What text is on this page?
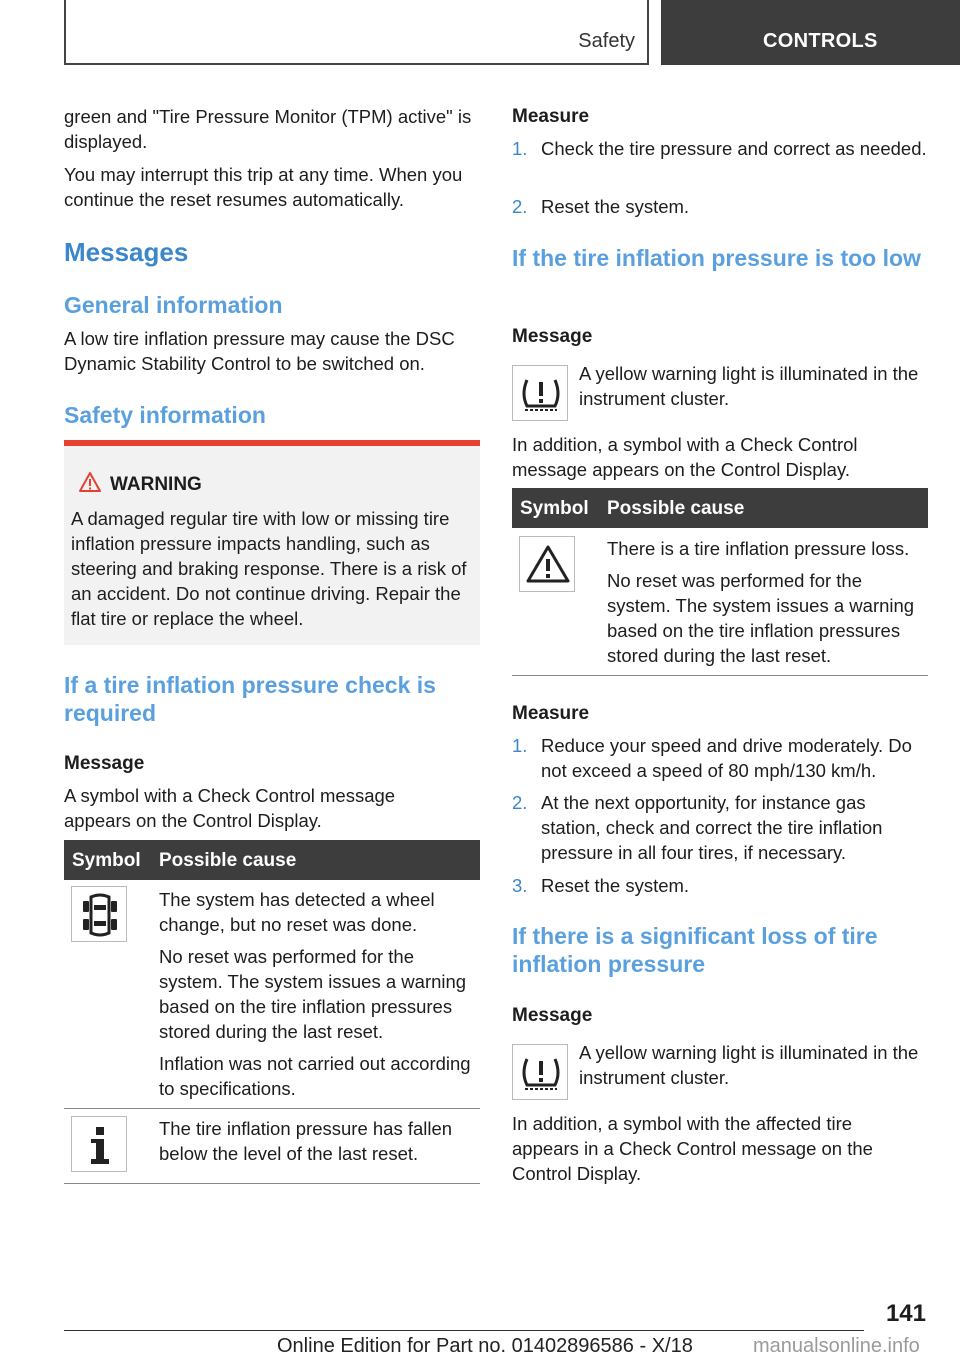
Safety	CONTROLS
green and "Tire Pressure Monitor (TPM) active" is displayed.
You may interrupt this trip at any time. When you continue the reset resumes automatically.
Messages
General information
A low tire inflation pressure may cause the DSC Dynamic Stability Control to be switched on.
Safety information
WARNING
A damaged regular tire with low or missing tire inflation pressure impacts handling, such as steering and braking response. There is a risk of an accident. Do not continue driving. Repair the flat tire or replace the wheel.
If a tire inflation pressure check is required
Message
A symbol with a Check Control message appears on the Control Display.
Symbol Possible cause
The system has detected a wheel change, but no reset was done.
No reset was performed for the system. The system issues a warning based on the tire inflation pressures stored during the last reset.
Inflation was not carried out according to specifications.
The tire inflation pressure has fallen below the level of the last reset.
Measure
1. Check the tire pressure and correct as needed.
2. Reset the system.
If the tire inflation pressure is too low
Message
A yellow warning light is illuminated in the instrument cluster.
In addition, a symbol with a Check Control message appears on the Control Display.
Symbol Possible cause
There is a tire inflation pressure loss.
No reset was performed for the system. The system issues a warning based on the tire inflation pressures stored during the last reset.
Measure
1. Reduce your speed and drive moderately. Do not exceed a speed of 80 mph/130 km/h.
2. At the next opportunity, for instance gas station, check and correct the tire inflation pressure in all four tires, if necessary.
3. Reset the system.
If there is a significant loss of tire inflation pressure
Message
A yellow warning light is illuminated in the instrument cluster.
In addition, a symbol with the affected tire appears in a Check Control message on the Control Display.
141
Online Edition for Part no. 01402896586 - X/18	manualsonline.info
